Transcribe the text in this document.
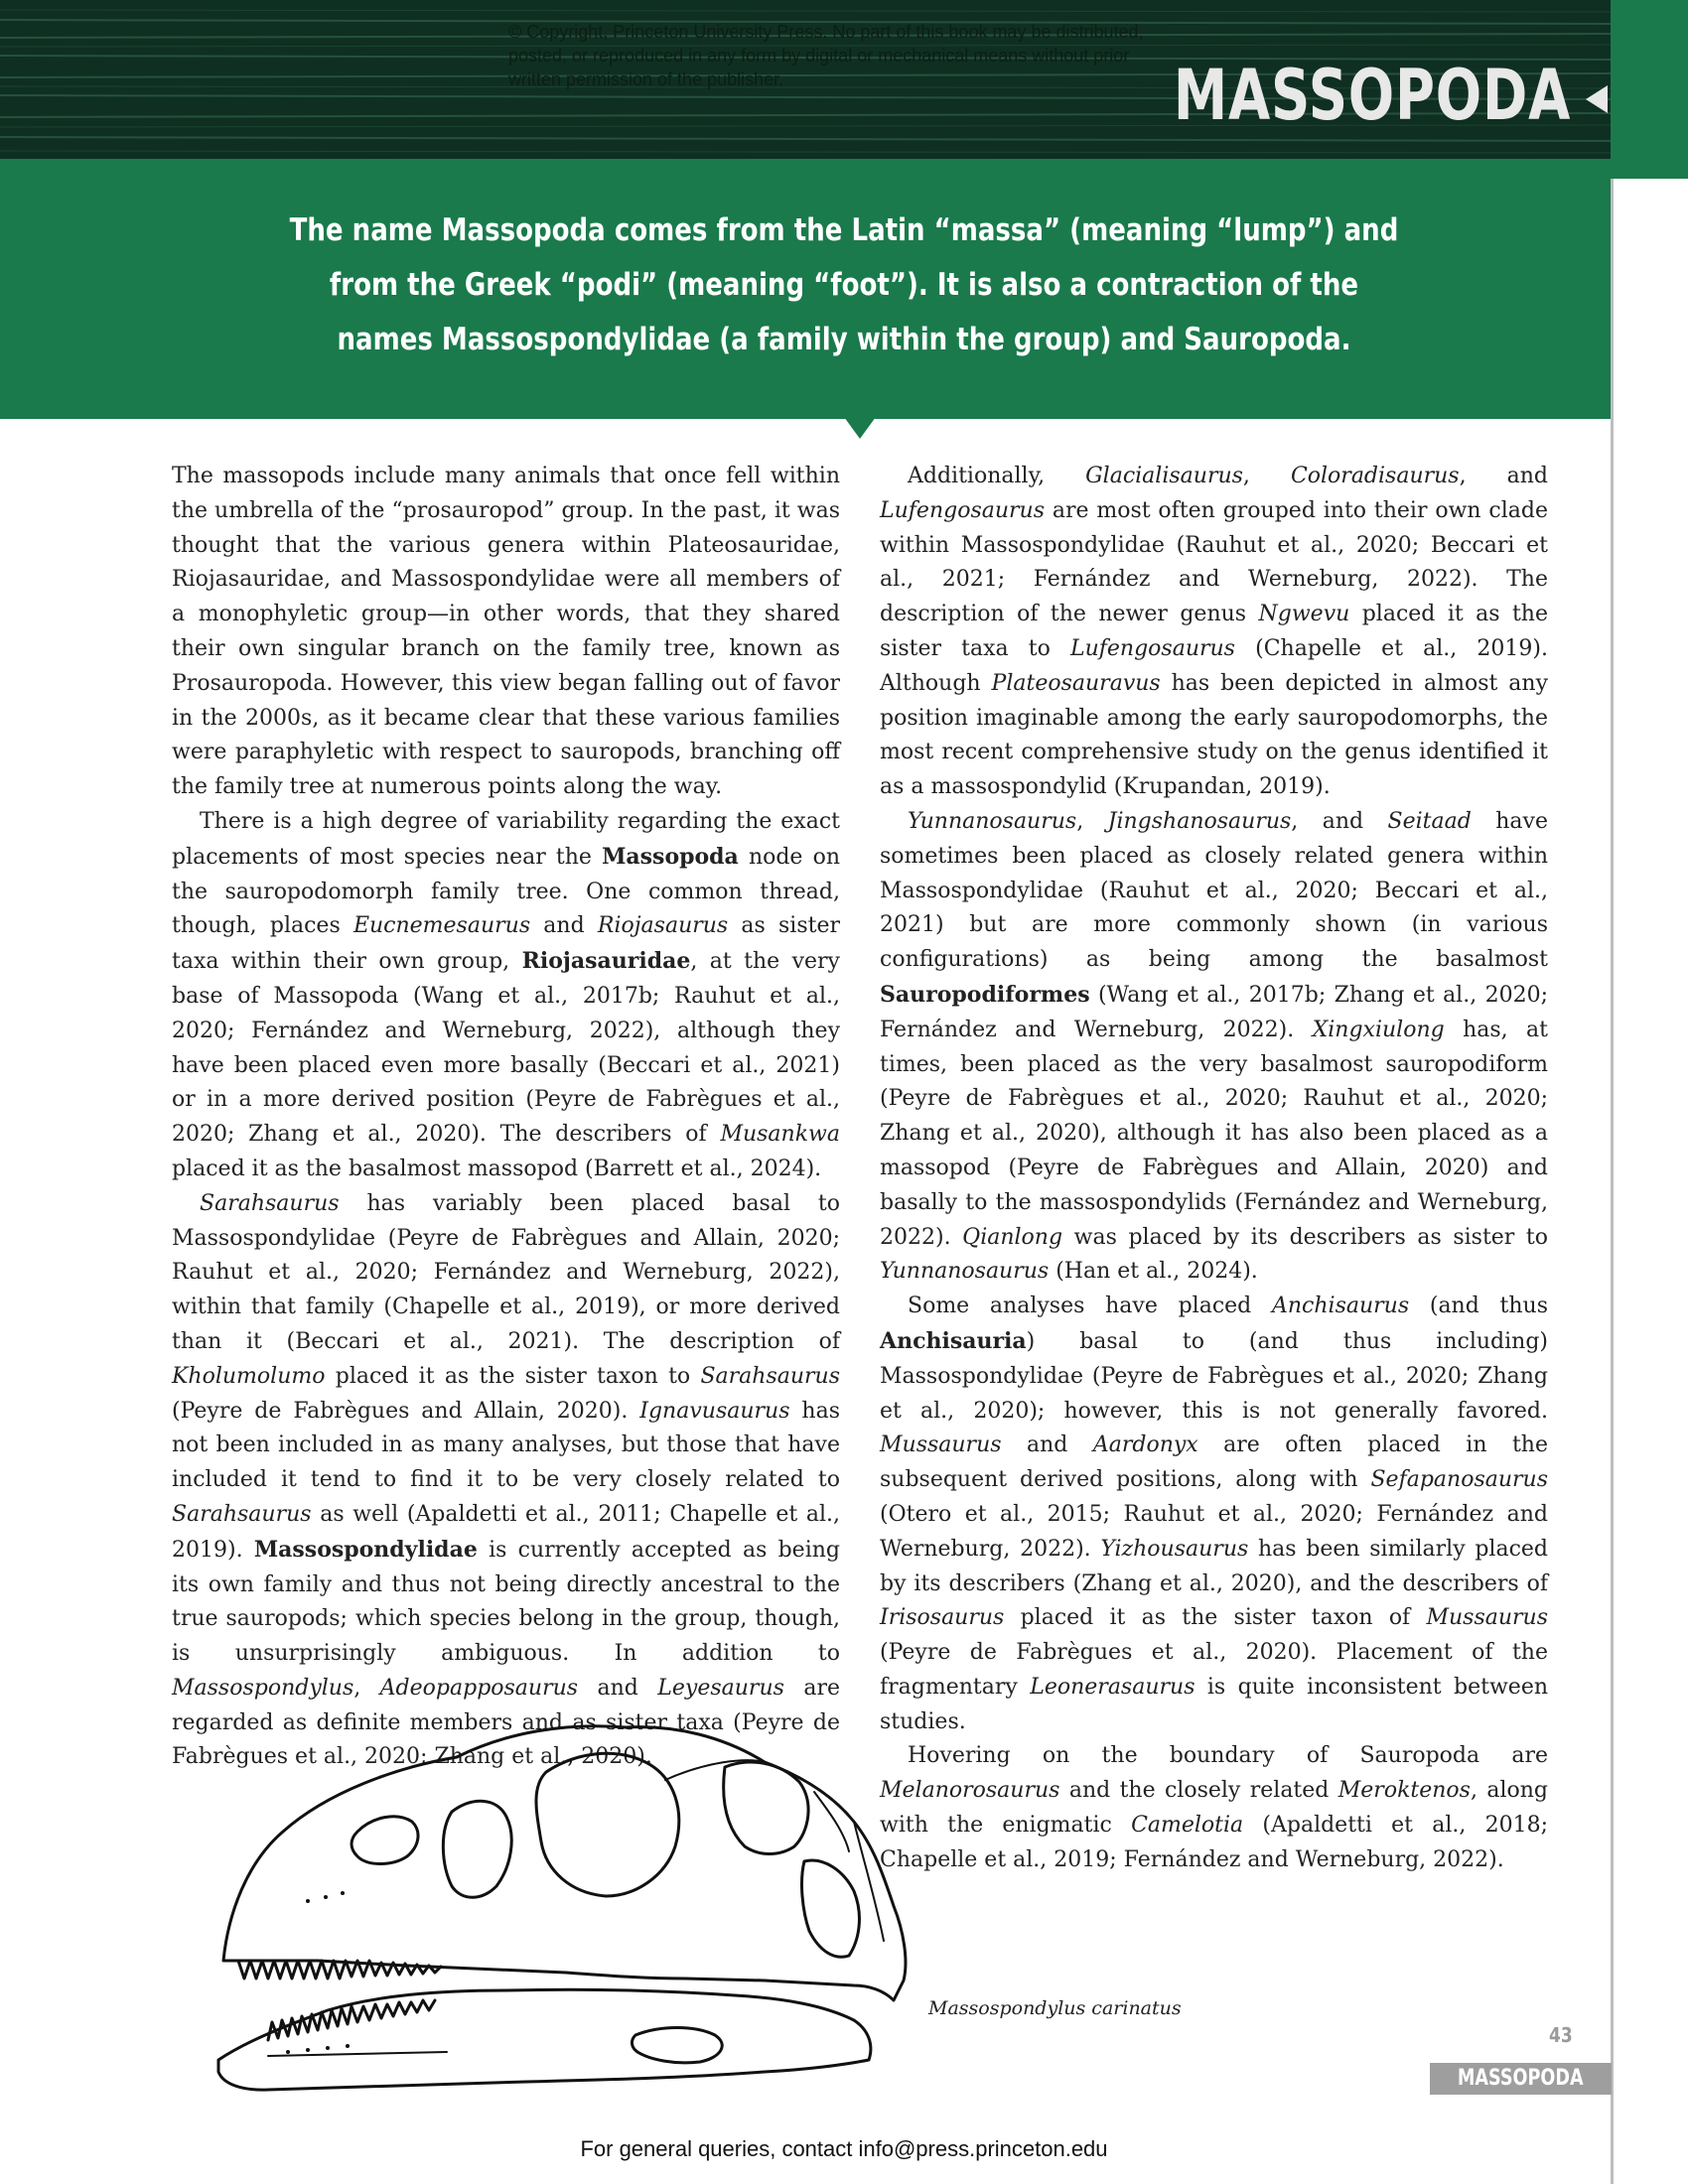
© Copyright, Princeton University Press. No part of this book may be distributed, posted, or reproduced in any form by digital or mechanical means without prior written permission of the publisher.	MASSOPODA

The name Massopoda comes from the Latin “massa” (meaning “lump”) and from the Greek “podi” (meaning “foot”). It is also a contraction of the names Massospondylidae (a family within the group) and Sauropoda.

The massopods include many animals that once fell within the umbrella of the “prosauropod” group. In the past, it was thought that the various genera within Plateosauridae, Riojasauridae, and Massospondylidae were all members of a monophyletic group—in other words, that they shared their own singular branch on the family tree, known as Prosauropoda. However, this view began falling out of favor in the 2000s, as it became clear that these various families were paraphyletic with respect to sauropods, branching off the family tree at numerous points along the way.

There is a high degree of variability regarding the exact placements of most species near the Massopoda node on the sauropodomorph family tree. One common thread, though, places Eucnemesaurus and Riojasaurus as sister taxa within their own group, Riojasauridae, at the very base of Massopoda (Wang et al., 2017b; Rauhut et al., 2020; Fernández and Werneburg, 2022), although they have been placed even more basally (Beccari et al., 2021) or in a more derived position (Peyre de Fabrègues et al., 2020; Zhang et al., 2020). The describers of Musankwa placed it as the basalmost massopod (Barrett et al., 2024).

Sarahsaurus has variably been placed basal to Massospondylidae (Peyre de Fabrègues and Allain, 2020; Rauhut et al., 2020; Fernández and Werneburg, 2022), within that family (Chapelle et al., 2019), or more derived than it (Beccari et al., 2021). The description of Kholumolumo placed it as the sister taxon to Sarahsaurus (Peyre de Fabrègues and Allain, 2020). Ignavusaurus has not been included in as many analyses, but those that have included it tend to find it to be very closely related to Sarahsaurus as well (Apaldetti et al., 2011; Chapelle et al., 2019). Massospondylidae is currently accepted as being its own family and thus not being directly ancestral to the true sauropods; which species belong in the group, though, is unsurprisingly ambiguous. In addition to Massospondylus, Adeopapposaurus and Leyesaurus are regarded as definite members and as sister taxa (Peyre de Fabrègues et al., 2020; Zhang et al., 2020).

Additionally, Glacialisaurus, Coloradisaurus, and Lufengosaurus are most often grouped into their own clade within Massospondylidae (Rauhut et al., 2020; Beccari et al., 2021; Fernández and Werneburg, 2022). The description of the newer genus Ngwevu placed it as the sister taxa to Lufengosaurus (Chapelle et al., 2019). Although Plateosauravus has been depicted in almost any position imaginable among the early sauropodomorphs, the most recent comprehensive study on the genus identified it as a massospondylid (Krupandan, 2019).

Yunnanosaurus, Jingshanosaurus, and Seitaad have sometimes been placed as closely related genera within Massospondylidae (Rauhut et al., 2020; Beccari et al., 2021) but are more commonly shown (in various configurations) as being among the basalmost Sauropodiformes (Wang et al., 2017b; Zhang et al., 2020; Fernández and Werneburg, 2022). Xingxiulong has, at times, been placed as the very basalmost sauropodiform (Peyre de Fabrègues et al., 2020; Rauhut et al., 2020; Zhang et al., 2020), although it has also been placed as a massopod (Peyre de Fabrègues and Allain, 2020) and basally to the massospondylids (Fernández and Werneburg, 2022). Qianlong was placed by its describers as sister to Yunnanosaurus (Han et al., 2024).

Some analyses have placed Anchisaurus (and thus Anchisauria) basal to (and thus including) Massospondylidae (Peyre de Fabrègues et al., 2020; Zhang et al., 2020); however, this is not generally favored. Mussaurus and Aardonyx are often placed in the subsequent derived positions, along with Sefapanosaurus (Otero et al., 2015; Rauhut et al., 2020; Fernández and Werneburg, 2022). Yizhousaurus has been similarly placed by its describers (Zhang et al., 2020), and the describers of Irisosaurus placed it as the sister taxon of Mussaurus (Peyre de Fabrègues et al., 2020). Placement of the fragmentary Leonerasaurus is quite inconsistent between studies.

Hovering on the boundary of Sauropoda are Melanorosaurus and the closely related Meroktenos, along with the enigmatic Camelotia (Apaldetti et al., 2018; Chapelle et al., 2019; Fernández and Werneburg, 2022).

Massospondylus carinatus

43

MASSOPODA

For general queries, contact info@press.princeton.edu
